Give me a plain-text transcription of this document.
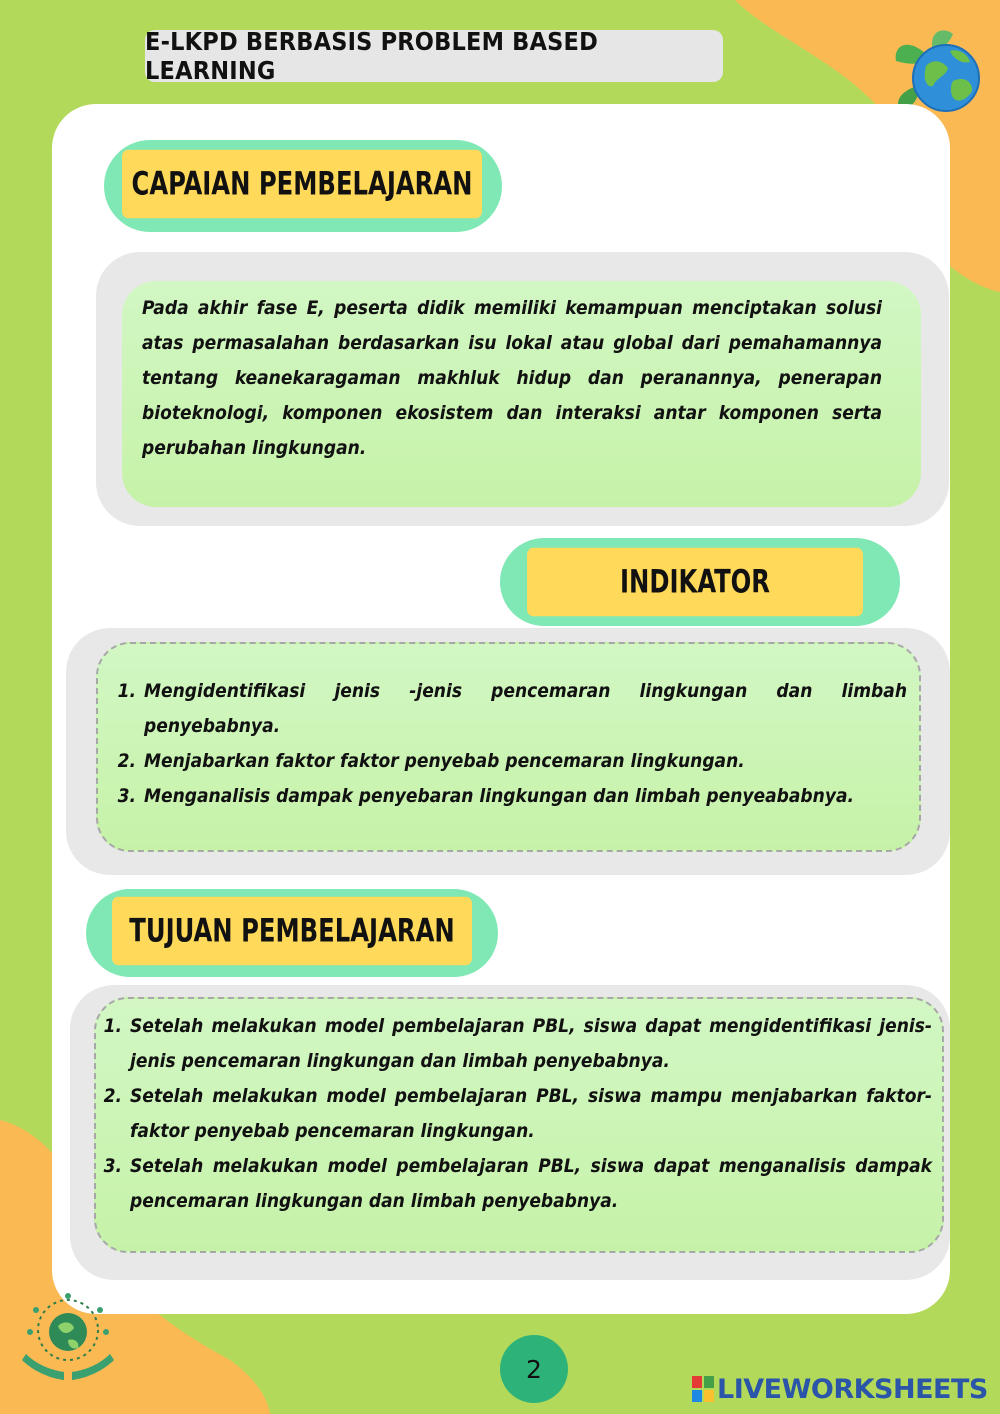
E-LKPD BERBASIS PROBLEM BASED LEARNING
CAPAIAN PEMBELAJARAN

Pada akhir fase E, peserta didik memiliki kemampuan menciptakan solusi atas permasalahan berdasarkan isu lokal atau global dari pemahamannya tentang keanekaragaman makhluk hidup dan peranannya, penerapan bioteknologi, komponen ekosistem dan interaksi antar komponen serta perubahan lingkungan.

INDIKATOR
1. Mengidentifikasi jenis -jenis pencemaran lingkungan dan limbah penyebabnya.
2. Menjabarkan faktor faktor penyebab pencemaran lingkungan.
3. Menganalisis dampak penyebaran lingkungan dan limbah penyeababnya.
TUJUAN PEMBELAJARAN
1. Setelah melakukan model pembelajaran PBL, siswa dapat mengidentifikasi jenis-jenis pencemaran lingkungan dan limbah penyebabnya.
2. Setelah melakukan model pembelajaran PBL, siswa mampu menjabarkan faktor-faktor penyebab pencemaran lingkungan.
3. Setelah melakukan model pembelajaran PBL, siswa dapat menganalisis dampak pencemaran lingkungan dan limbah penyebabnya.
2
LIVEWORKSHEETS
